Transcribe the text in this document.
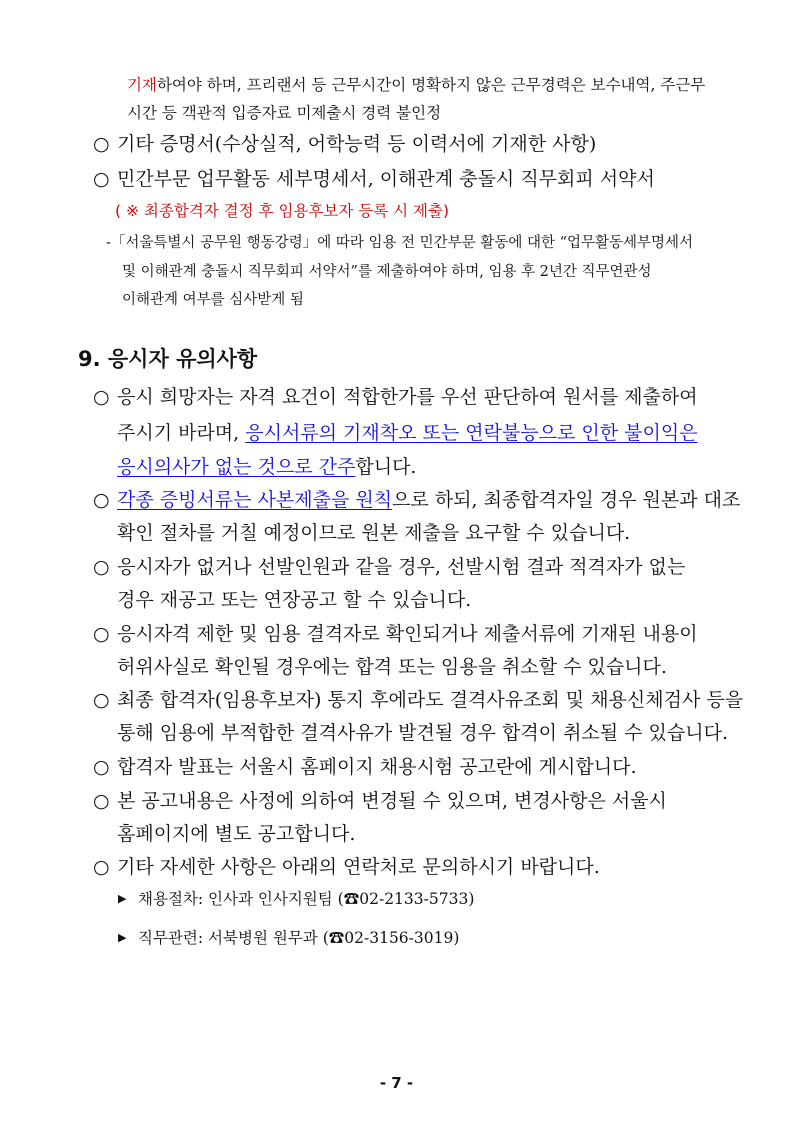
기재하여야 하며, 프리랜서 등 근무시간이 명확하지 않은 근무경력은 보수내역, 주근무
시간 등 객관적 입증자료 미제출시 경력 불인정
○ 기타 증명서(수상실적, 어학능력 등 이력서에 기재한 사항)
○ 민간부문 업무활동 세부명세서, 이해관계 충돌시 직무회피 서약서
( ※ 최종합격자 결정 후 임용후보자 등록 시 제출)
-「서울특별시 공무원 행동강령」에 따라 임용 전 민간부문 활동에 대한 “업무활동세부명세서
및 이해관계 충돌시 직무회피 서약서”를 제출하여야 하며, 임용 후 2년간 직무연관성
이해관계 여부를 심사받게 됨
9. 응시자 유의사항
○ 응시 희망자는 자격 요건이 적합한가를 우선 판단하여 원서를 제출하여
주시기 바라며, 응시서류의 기재착오 또는 연락불능으로 인한 불이익은
응시의사가 없는 것으로 간주합니다.
○ 각종 증빙서류는 사본제출을 원칙으로 하되, 최종합격자일 경우 원본과 대조
확인 절차를 거칠 예정이므로 원본 제출을 요구할 수 있습니다.
○ 응시자가 없거나 선발인원과 같을 경우, 선발시험 결과 적격자가 없는
경우 재공고 또는 연장공고 할 수 있습니다.
○ 응시자격 제한 및 임용 결격자로 확인되거나 제출서류에 기재된 내용이
허위사실로 확인될 경우에는 합격 또는 임용을 취소할 수 있습니다.
○ 최종 합격자(임용후보자) 통지 후에라도 결격사유조회 및 채용신체검사 등을
통해 임용에 부적합한 결격사유가 발견될 경우 합격이 취소될 수 있습니다.
○ 합격자 발표는 서울시 홈페이지 채용시험 공고란에 게시합니다.
○ 본 공고내용은 사정에 의하여 변경될 수 있으며, 변경사항은 서울시
홈페이지에 별도 공고합니다.
○ 기타 자세한 사항은 아래의 연락처로 문의하시기 바랍니다.
▶ 채용절차: 인사과 인사지원팀 (☎02-2133-5733)
▶ 직무관련: 서북병원 원무과 (☎02-3156-3019)
- 7 -
